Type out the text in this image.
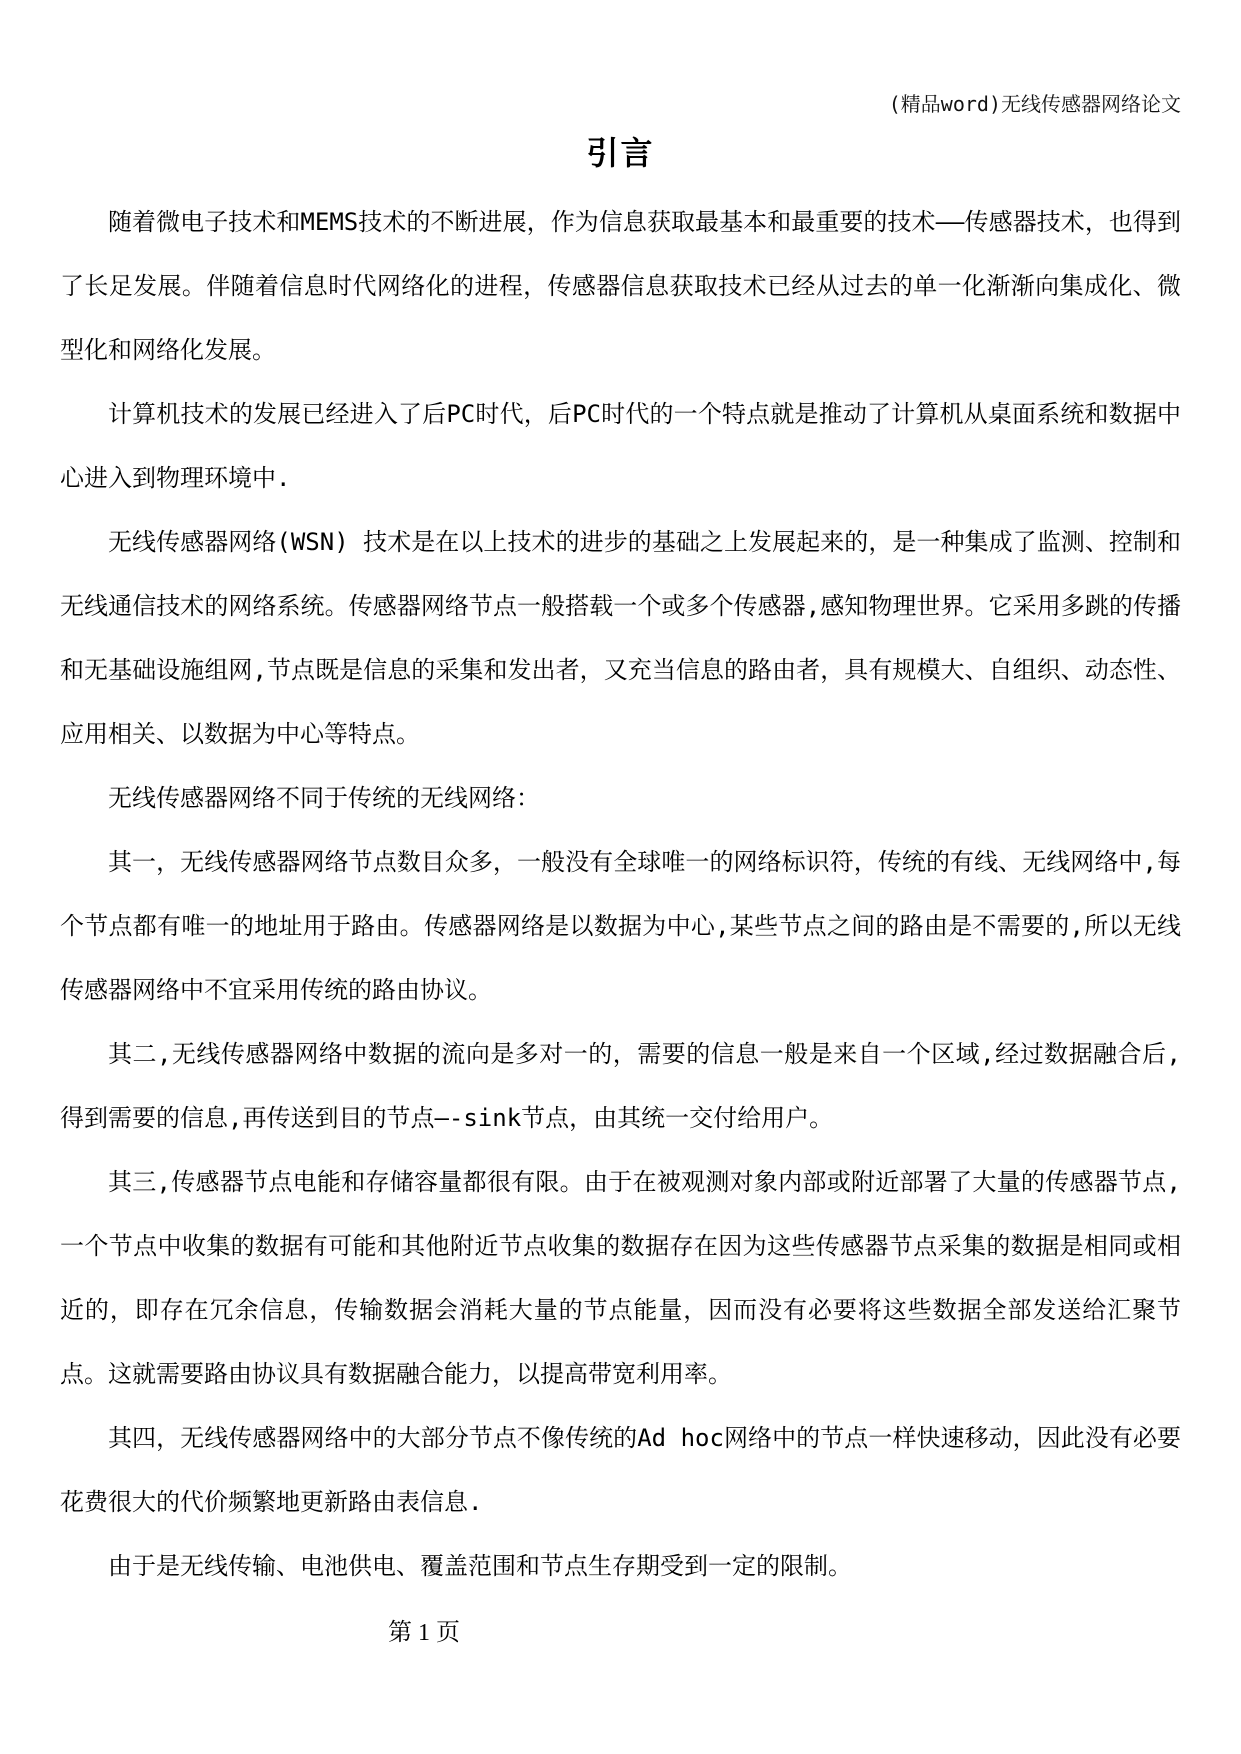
(精品word)无线传感器网络论文
引言

随着微电子技术和MEMS技术的不断进展，作为信息获取最基本和最重要的技术——传感器技术，也得到了长足发展。伴随着信息时代网络化的进程，传感器信息获取技术已经从过去的单一化渐渐向集成化、微型化和网络化发展。

计算机技术的发展已经进入了后PC时代，后PC时代的一个特点就是推动了计算机从桌面系统和数据中心进入到物理环境中.

无线传感器网络(WSN) 技术是在以上技术的进步的基础之上发展起来的，是一种集成了监测、控制和无线通信技术的网络系统。传感器网络节点一般搭载一个或多个传感器,感知物理世界。它采用多跳的传播和无基础设施组网,节点既是信息的采集和发出者，又充当信息的路由者，具有规模大、自组织、动态性、应用相关、以数据为中心等特点。

无线传感器网络不同于传统的无线网络：

其一，无线传感器网络节点数目众多，一般没有全球唯一的网络标识符，传统的有线、无线网络中,每个节点都有唯一的地址用于路由。传感器网络是以数据为中心,某些节点之间的路由是不需要的,所以无线传感器网络中不宜采用传统的路由协议。

其二,无线传感器网络中数据的流向是多对一的，需要的信息一般是来自一个区域,经过数据融合后,得到需要的信息,再传送到目的节点—-sink节点，由其统一交付给用户。

其三,传感器节点电能和存储容量都很有限。由于在被观测对象内部或附近部署了大量的传感器节点,一个节点中收集的数据有可能和其他附近节点收集的数据存在因为这些传感器节点采集的数据是相同或相近的，即存在冗余信息，传输数据会消耗大量的节点能量，因而没有必要将这些数据全部发送给汇聚节点。这就需要路由协议具有数据融合能力，以提高带宽利用率。

其四，无线传感器网络中的大部分节点不像传统的Ad hoc网络中的节点一样快速移动，因此没有必要花费很大的代价频繁地更新路由表信息.

由于是无线传输、电池供电、覆盖范围和节点生存期受到一定的限制。

第 1 页
